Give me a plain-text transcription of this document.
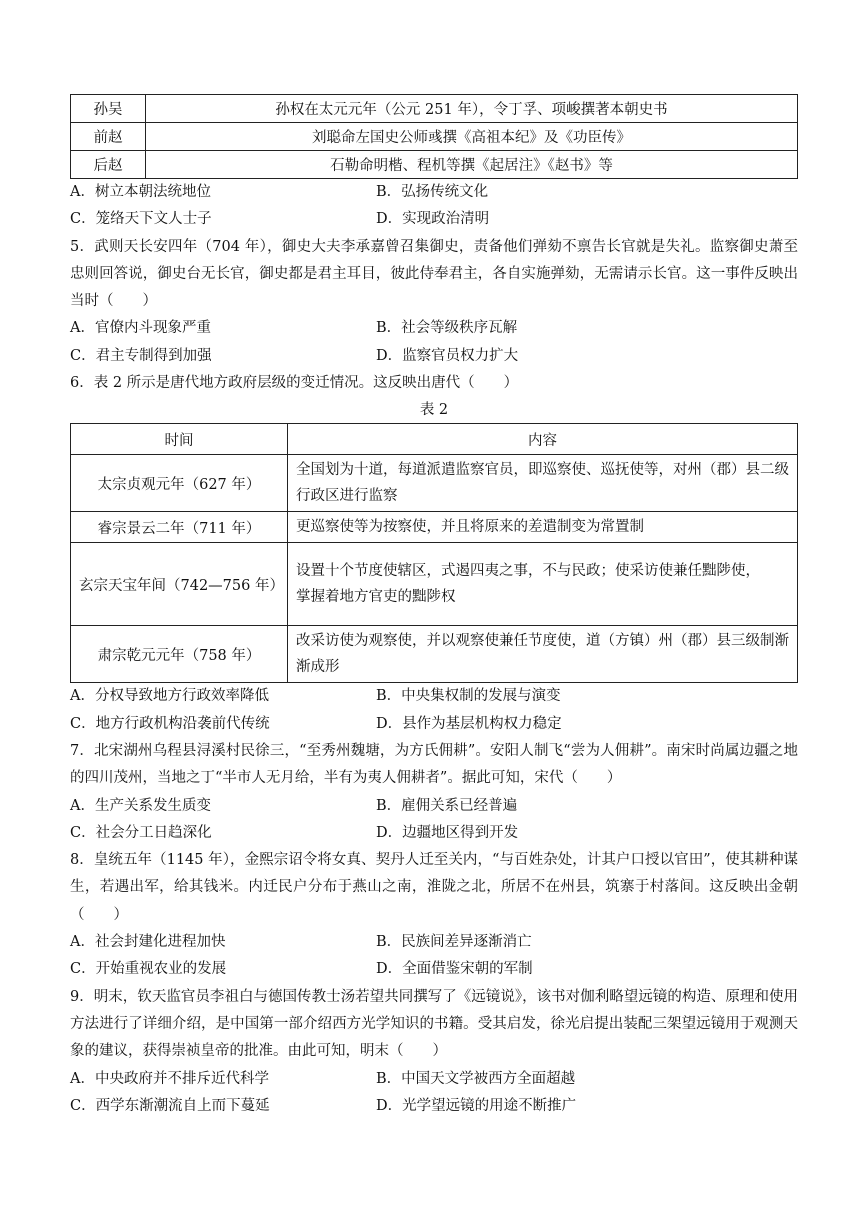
孙吴	孙权在太元元年（公元 251 年），令丁孚、项峻撰著本朝史书
前赵	刘聪命左国史公师彧撰《高祖本纪》及《功臣传》
后赵	石勒命明楷、程机等撰《起居注》《赵书》等
A．树立本朝法统地位	B．弘扬传统文化
C．笼络天下文人士子	D．实现政治清明

5．武则天长安四年（704 年），御史大夫李承嘉曾召集御史，责备他们弹劾不禀告长官就是失礼。监察御史萧至忠则回答说，御史台无长官，御史都是君主耳目，彼此侍奉君主，各自实施弹劾，无需请示长官。这一事件反映出当时（　　）

A．官僚内斗现象严重	B．社会等级秩序瓦解
C．君主专制得到加强	D．监察官员权力扩大

6．表 2 所示是唐代地方政府层级的变迁情况。这反映出唐代（　　）

表 2

时间	内容
太宗贞观元年（627 年）	全国划为十道，每道派遣监察官员，即巡察使、巡抚使等，对州（郡）县二级行政区进行监察
睿宗景云二年（711 年）	更巡察使等为按察使，并且将原来的差遣制变为常置制
玄宗天宝年间（742—756 年）	设置十个节度使辖区，式遏四夷之事，不与民政；使采访使兼任黜陟使，
掌握着地方官吏的黜陟权

肃宗乾元元年（758 年）	改采访使为观察使，并以观察使兼任节度使，道（方镇）州（郡）县三级制渐渐成形
A．分权导致地方行政效率降低	B．中央集权制的发展与演变
C．地方行政机构沿袭前代传统	D．县作为基层机构权力稳定

7．北宋湖州乌程县浔溪村民徐三，“至秀州魏塘，为方氏佣耕”。安阳人制飞“尝为人佣耕”。南宋时尚属边疆之地的四川茂州，当地之丁“半市人无月给，半有为夷人佣耕者”。据此可知，宋代（　　）

A．生产关系发生质变	B．雇佣关系已经普遍
C．社会分工日趋深化	D．边疆地区得到开发

8．皇统五年（1145 年），金熙宗诏令将女真、契丹人迁至关内，“与百姓杂处，计其户口授以官田”，使其耕种谋生，若遇出军，给其钱米。内迁民户分布于燕山之南，淮陇之北，所居不在州县，筑寨于村落间。这反映出金朝（　　）

A．社会封建化进程加快	B．民族间差异逐渐消亡
C．开始重视农业的发展	D．全面借鉴宋朝的军制

9．明末，钦天监官员李祖白与德国传教士汤若望共同撰写了《远镜说》，该书对伽利略望远镜的构造、原理和使用方法进行了详细介绍，是中国第一部介绍西方光学知识的书籍。受其启发，徐光启提出装配三架望远镜用于观测天象的建议，获得崇祯皇帝的批准。由此可知，明末（　　）

A．中央政府并不排斥近代科学	B．中国天文学被西方全面超越
C．西学东渐潮流自上而下蔓延	D．光学望远镜的用途不断推广
